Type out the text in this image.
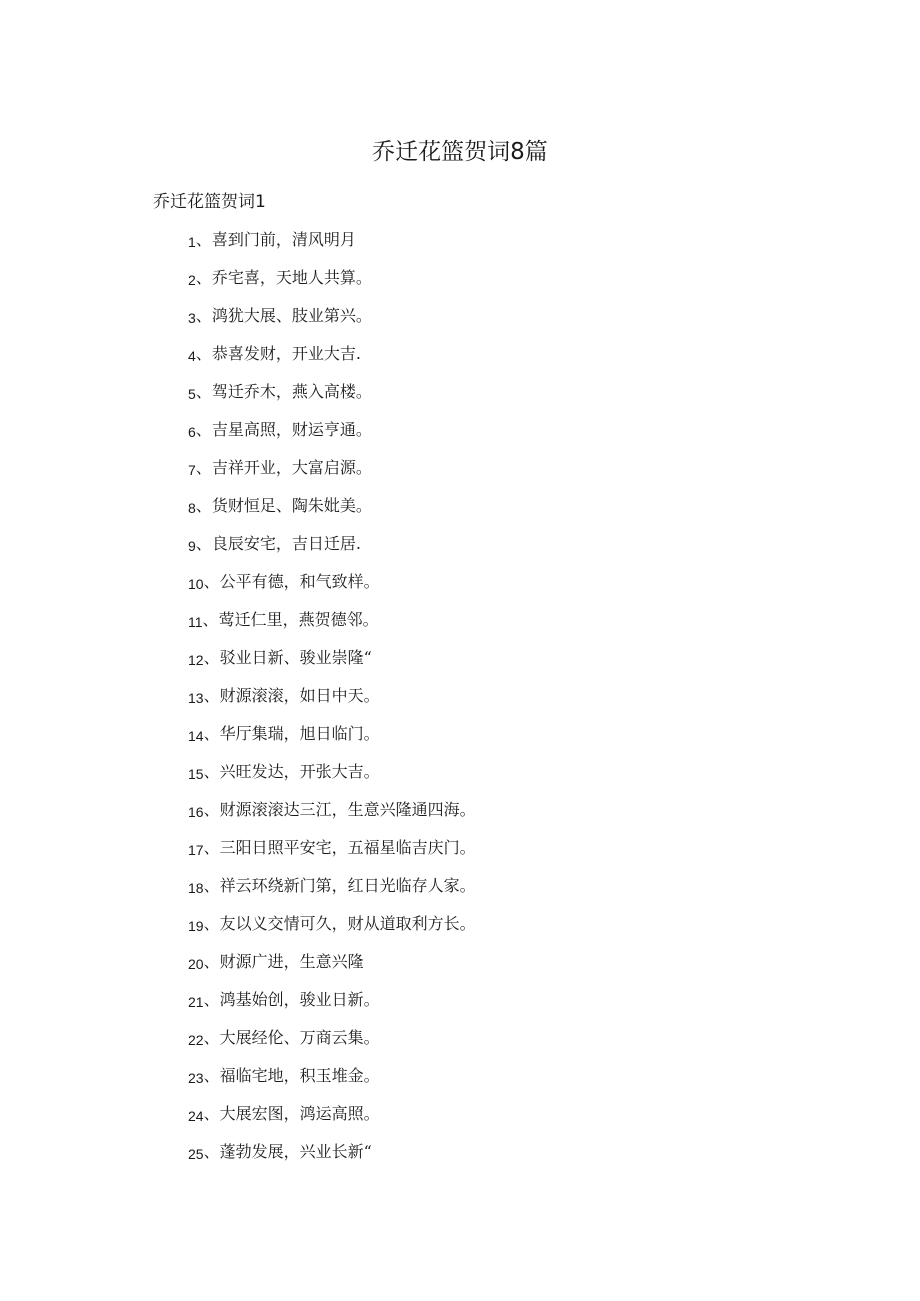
乔迁花篮贺词8篇
乔迁花篮贺词1
1 、 喜到门前，清风明月
2 、 乔宅喜，天地人共算。
3 、 鸿犹大展、肢业第兴。
4 、 恭喜发财，开业大吉.
5 、 驾迁乔木，燕入高楼。
6 、 吉星高照，财运亨通。
7 、 吉祥开业，大富启源。
8 、 货财恒足、陶朱妣美。
9 、 良辰安宅，吉日迁居.
10 、 公平有德，和气致样。
11 、 莺迁仁里，燕贺德邻。
12 、 驳业日新、骏业崇隆“
13 、 财源滚滚，如日中天。
14 、 华厅集瑞，旭日临门。
15 、 兴旺发达，开张大吉。
16 、 财源滚滚达三江，生意兴隆通四海。
17 、 三阳日照平安宅，五福星临吉庆门。
18 、 祥云环绕新门第，红日光临存人家。
19 、 友以义交情可久，财从道取利方长。
20 、 财源广进，生意兴隆
21 、 鸿基始创，骏业日新。
22 、 大展经伦、万商云集。
23 、 福临宅地，积玉堆金。
24 、 大展宏图，鸿运高照。
25 、 蓬勃发展，兴业长新“
